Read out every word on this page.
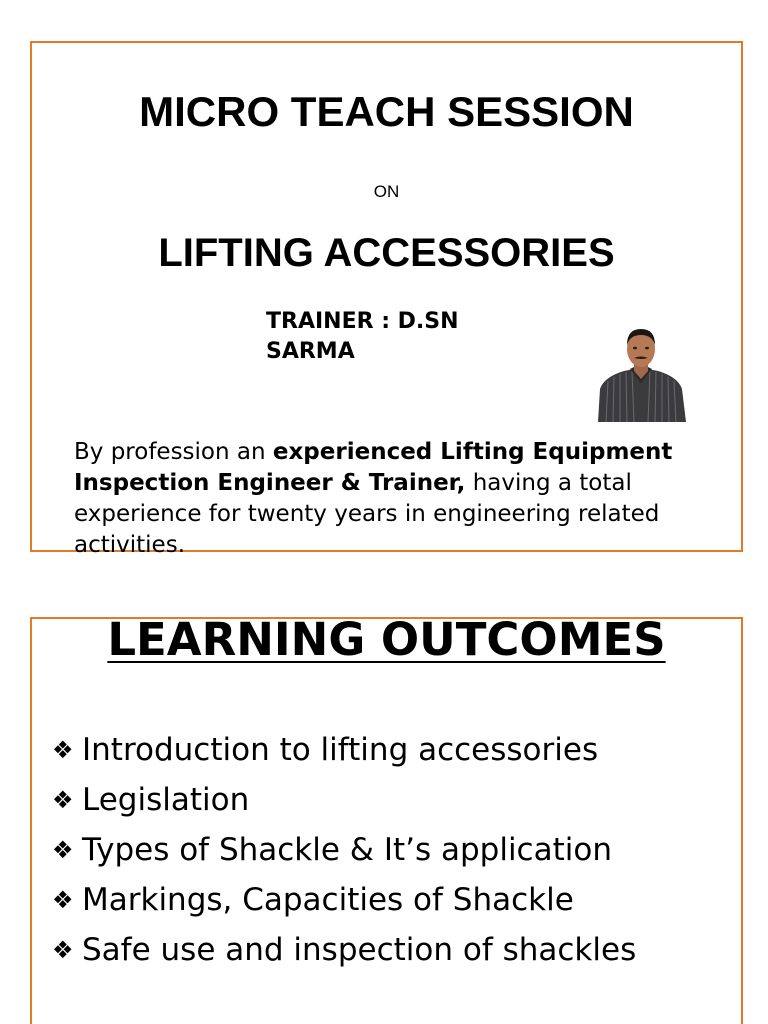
MICRO TEACH SESSION
ON
LIFTING ACCESSORIES
TRAINER : D.SN
SARMA

By profession an experienced Lifting Equipment Inspection Engineer & Trainer, having a total experience for twenty years in engineering related activities.

LEARNING OUTCOMES
❖ Introduction to lifting accessories
❖ Legislation
❖ Types of Shackle & It’s application
❖ Markings, Capacities of Shackle
❖ Safe use and inspection of shackles
